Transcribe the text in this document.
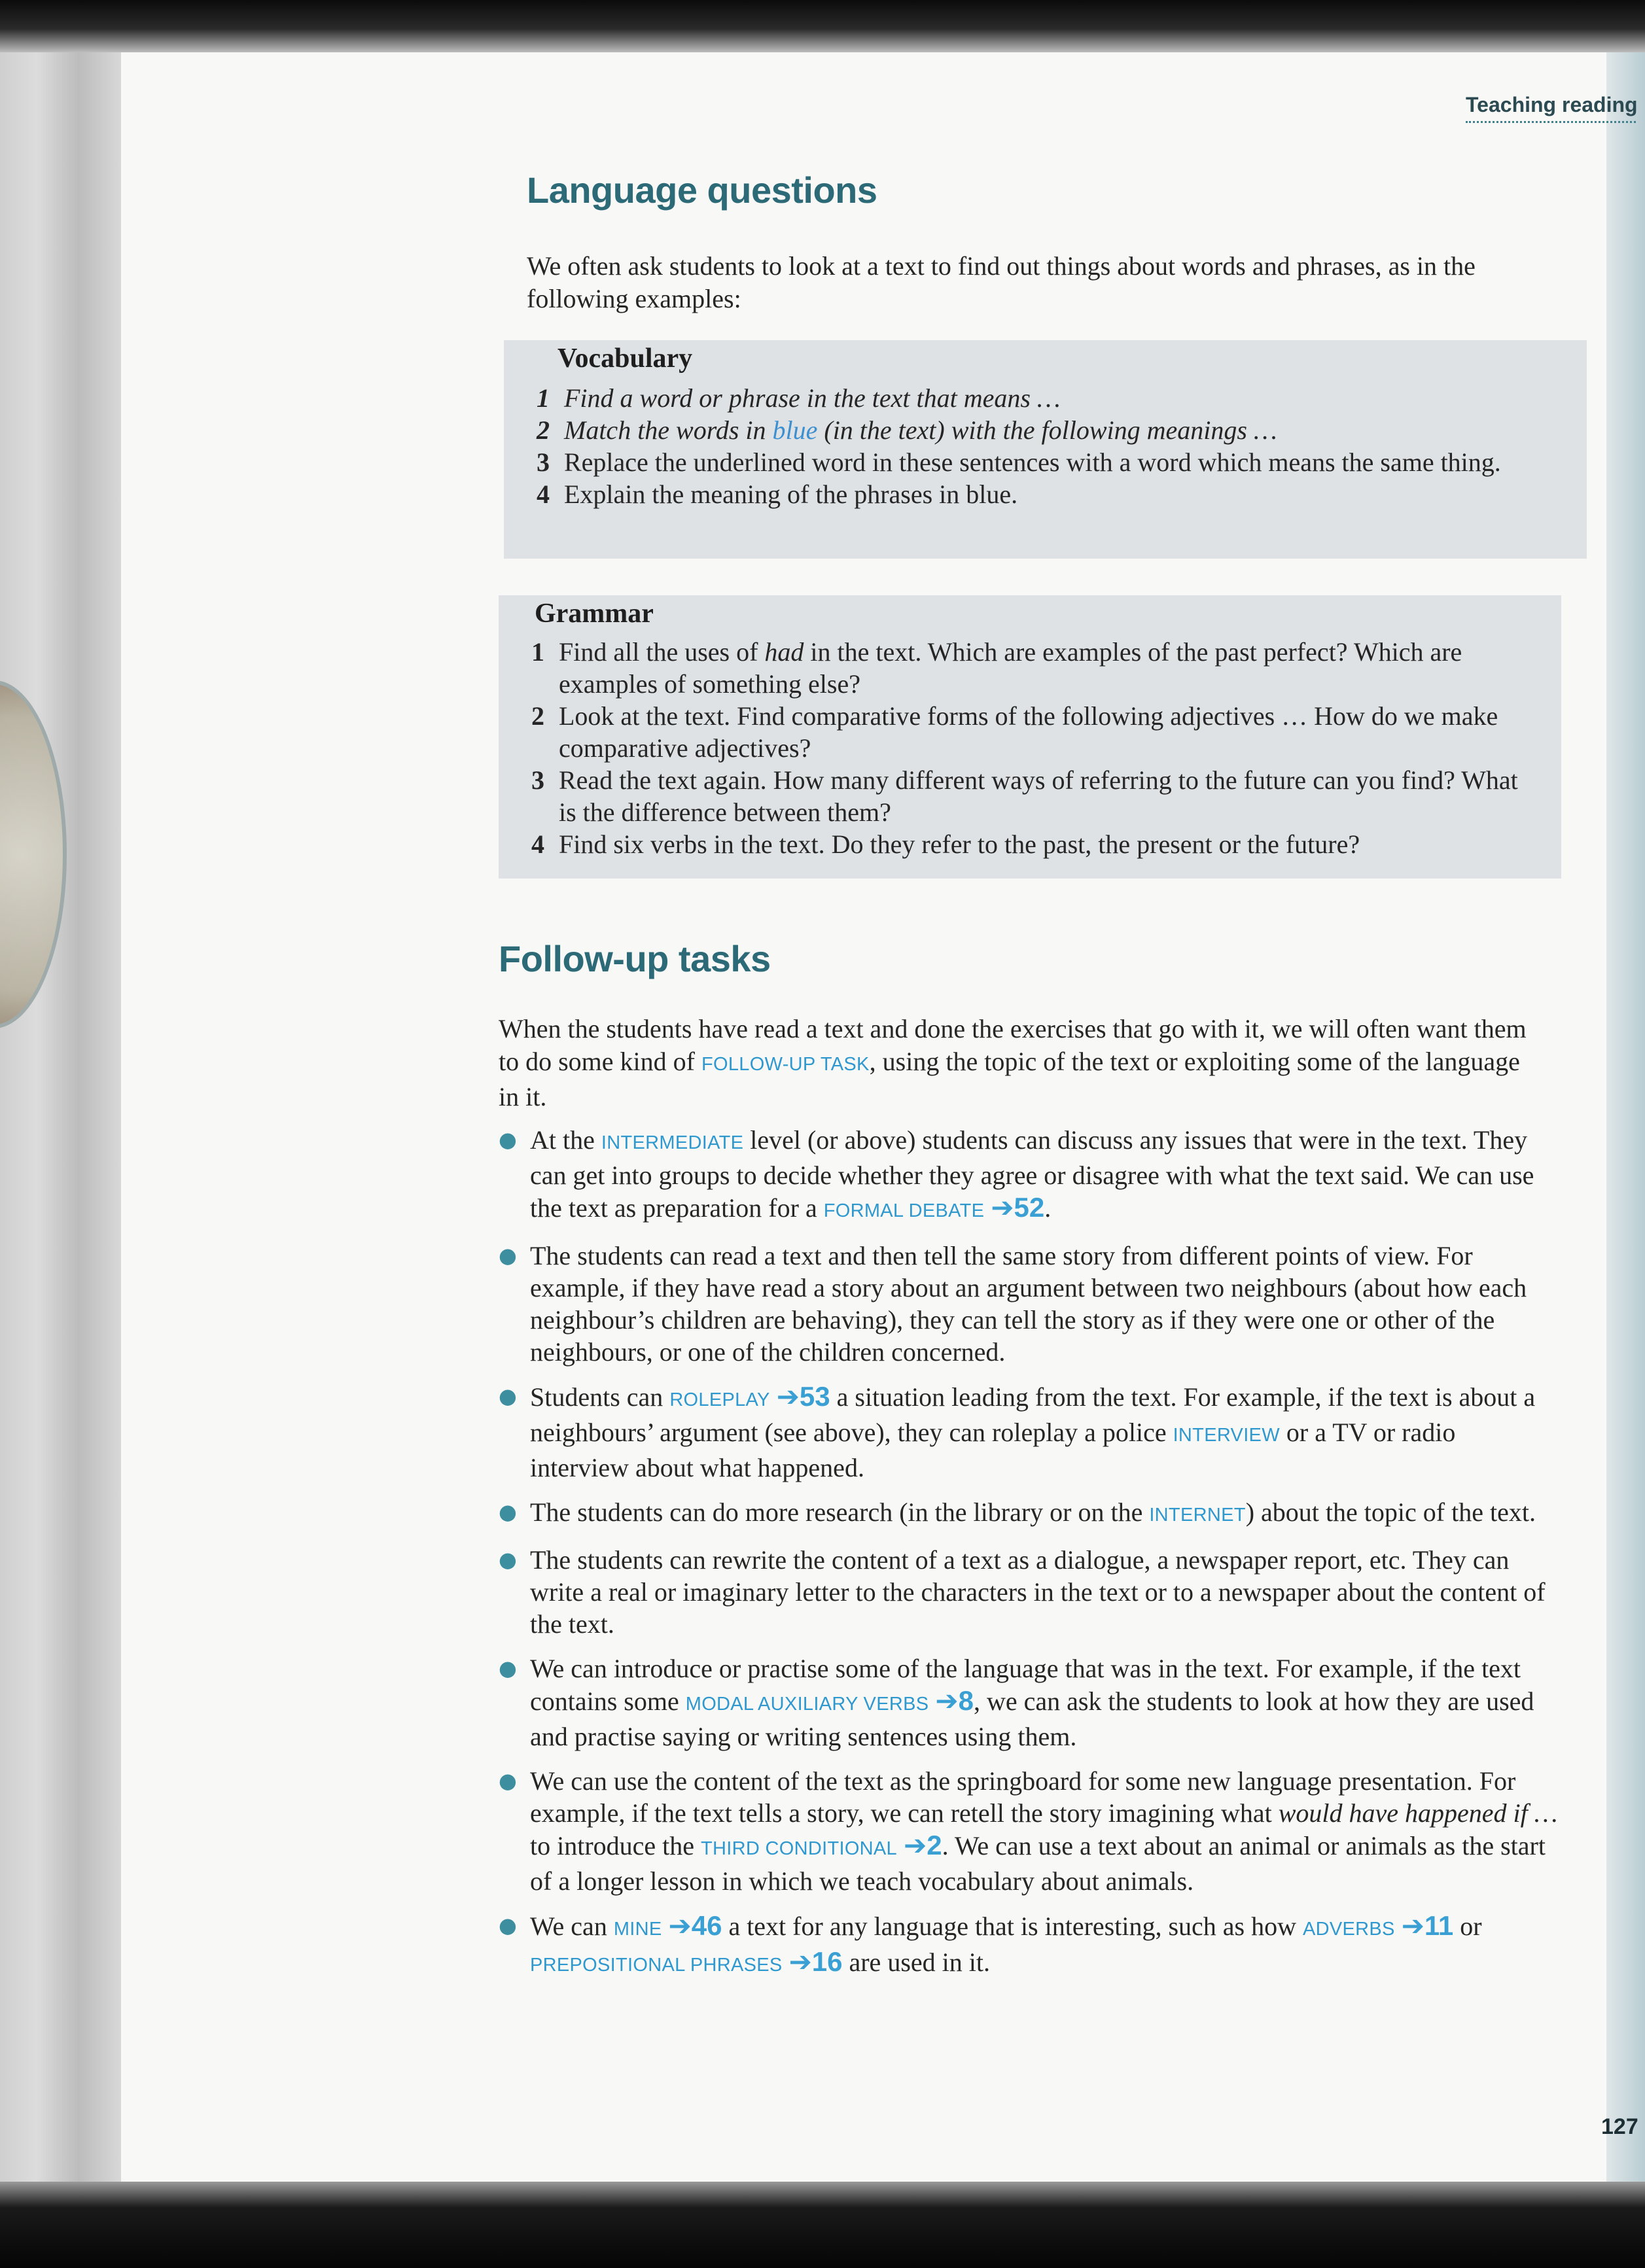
Teaching reading
Language questions

We often ask students to look at a text to find out things about words and phrases, as in the following examples:

Vocabulary
1 Find a word or phrase in the text that means …
2 Match the words in blue (in the text) with the following meanings …
3 Replace the underlined word in these sentences with a word which means the same thing.
4 Explain the meaning of the phrases in blue.
Grammar
1 Find all the uses of had in the text. Which are examples of the past perfect? Which are examples of something else?
2 Look at the text. Find comparative forms of the following adjectives … How do we make comparative adjectives?
3 Read the text again. How many different ways of referring to the future can you find? What is the difference between them?
4 Find six verbs in the text. Do they refer to the past, the present or the future?
Follow-up tasks

When the students have read a text and done the exercises that go with it, we will often want them to do some kind of FOLLOW-UP TASK, using the topic of the text or exploiting some of the language in it.

● At the INTERMEDIATE level (or above) students can discuss any issues that were in the text. They can get into groups to decide whether they agree or disagree with what the text said. We can use the text as preparation for a FORMAL DEBATE ➔52.
● The students can read a text and then tell the same story from different points of view. For example, if they have read a story about an argument between two neighbours (about how each neighbour’s children are behaving), they can tell the story as if they were one or other of the neighbours, or one of the children concerned.
● Students can ROLEPLAY ➔53 a situation leading from the text. For example, if the text is about a neighbours’ argument (see above), they can roleplay a police INTERVIEW or a TV or radio interview about what happened.
● The students can do more research (in the library or on the INTERNET) about the topic of the text.
● The students can rewrite the content of a text as a dialogue, a newspaper report, etc. They can write a real or imaginary letter to the characters in the text or to a newspaper about the content of the text.
● We can introduce or practise some of the language that was in the text. For example, if the text contains some MODAL AUXILIARY VERBS ➔8, we can ask the students to look at how they are used and practise saying or writing sentences using them.
● We can use the content of the text as the springboard for some new language presentation. For example, if the text tells a story, we can retell the story imagining what would have happened if … to introduce the THIRD CONDITIONAL ➔2. We can use a text about an animal or animals as the start of a longer lesson in which we teach vocabulary about animals.
● We can MINE ➔46 a text for any language that is interesting, such as how ADVERBS ➔11 or PREPOSITIONAL PHRASES ➔16 are used in it.
127
